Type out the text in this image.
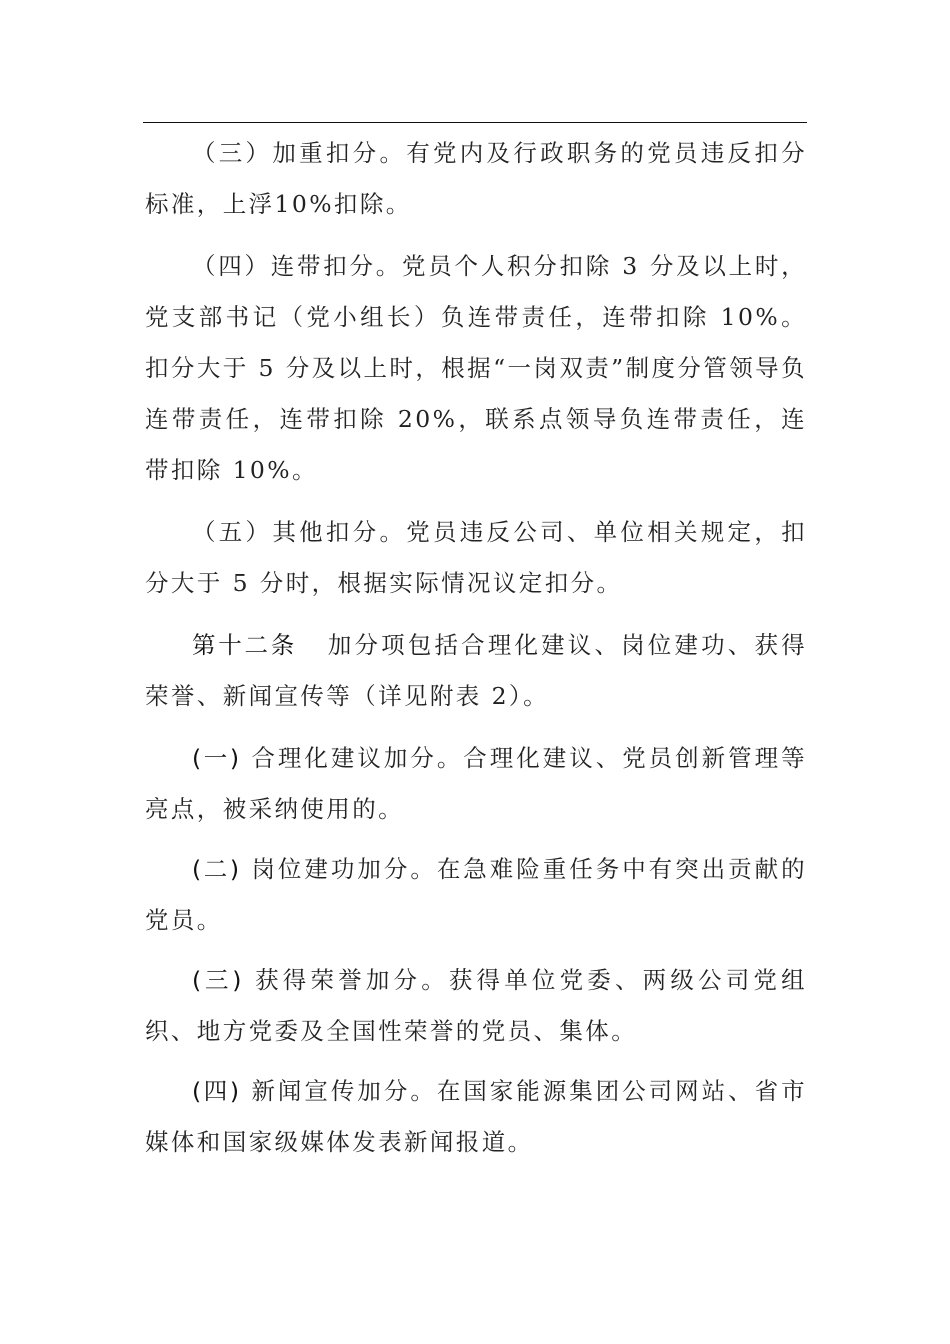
（三）加重扣分。有党内及行政职务的党员违反扣分标准，上浮10%扣除。

（四）连带扣分。党员个人积分扣除 3 分及以上时，党支部书记（党小组长）负连带责任，连带扣除 10%。扣分大于 5 分及以上时，根据“一岗双责”制度分管领导负连带责任，连带扣除 20%，联系点领导负连带责任，连带扣除 10%。

（五）其他扣分。党员违反公司、单位相关规定，扣分大于 5 分时，根据实际情况议定扣分。

第十二条 加分项包括合理化建议、岗位建功、获得荣誉、新闻宣传等（详见附表 2）。

(一) 合理化建议加分。合理化建议、党员创新管理等亮点，被采纳使用的。

(二) 岗位建功加分。在急难险重任务中有突出贡献的党员。

(三) 获得荣誉加分。获得单位党委、两级公司党组织、地方党委及全国性荣誉的党员、集体。

(四) 新闻宣传加分。在国家能源集团公司网站、省市媒体和国家级媒体发表新闻报道。
